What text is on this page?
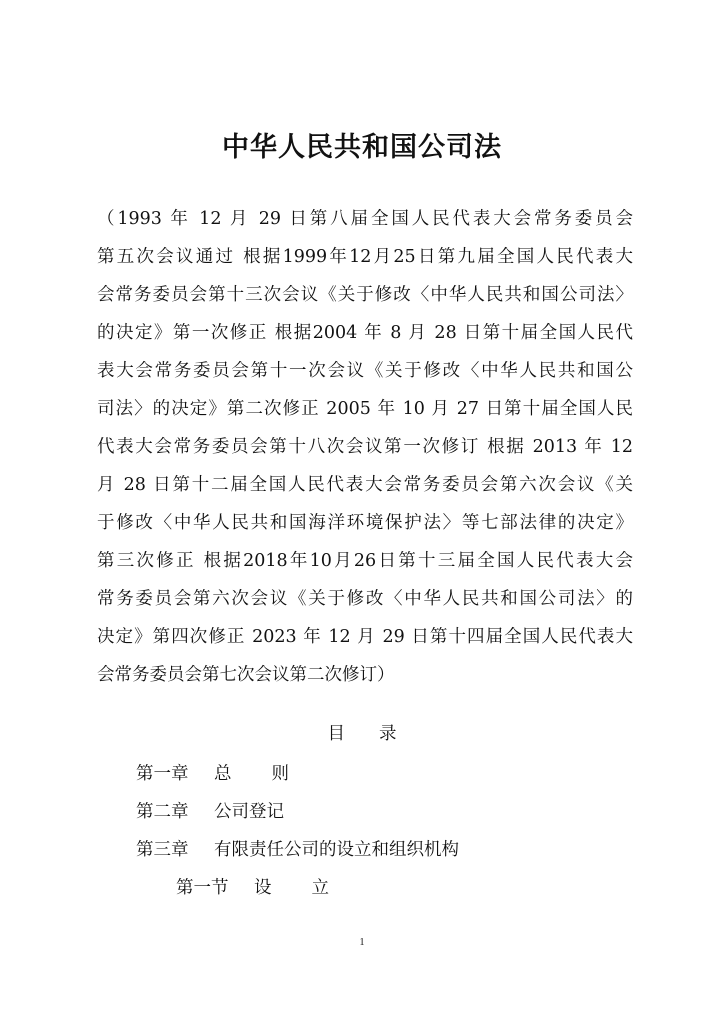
中华人民共和国公司法
（1993 年 12 月 29 日第八届全国人民代表大会常务委员会
第五次会议通过 根据1999年12月25日第九届全国人民代表大
会常务委员会第十三次会议《关于修改〈中华人民共和国公司法〉
的决定》第一次修正 根据2004 年 8 月 28 日第十届全国人民代
表大会常务委员会第十一次会议《关于修改〈中华人民共和国公
司法〉的决定》第二次修正 2005 年 10 月 27 日第十届全国人民
代表大会常务委员会第十八次会议第一次修订 根据 2013 年 12
月 28 日第十二届全国人民代表大会常务委员会第六次会议《关
于修改〈中华人民共和国海洋环境保护法〉等七部法律的决定》
第三次修正 根据2018年10月26日第十三届全国人民代表大会
常务委员会第六次会议《关于修改〈中华人民共和国公司法〉的
决定》第四次修正 2023 年 12 月 29 日第十四届全国人民代表大
会常务委员会第七次会议第二次修订）
目录
第一章	总则
第二章	公司登记
第三章	有限责任公司的设立和组织机构
第一节	设立
1
